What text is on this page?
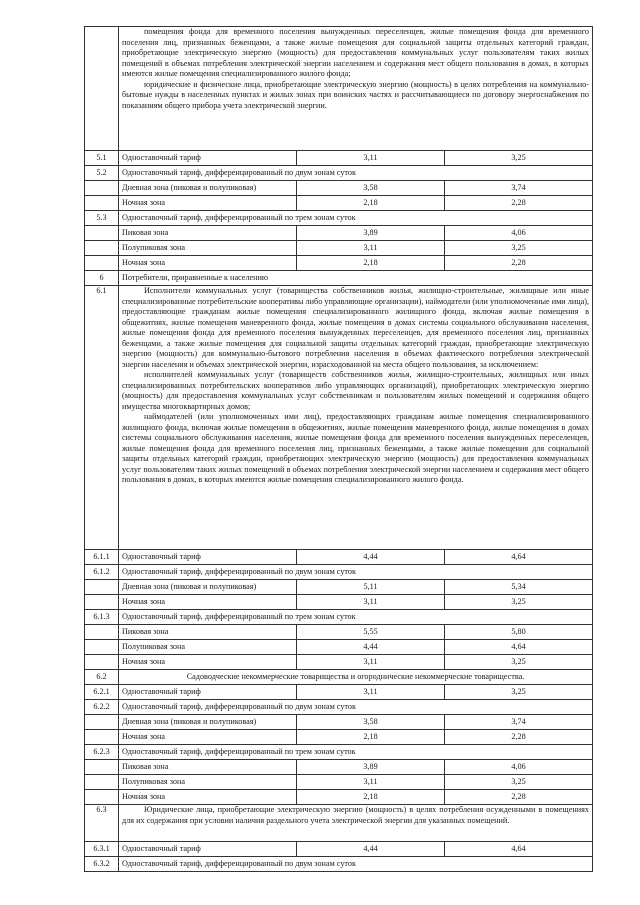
	помещения фонда для временного поселения вынужденных переселенцев, жилые помещения фонда для временного поселения лиц, признанных беженцами, а также жилые помещения для социальной защиты отдельных категорий граждан, приобретающие электрическую энергию (мощность) для предоставления коммунальных услуг пользователям таких жилых помещений в объемах потребления электрической энергии населением и содержания мест общего пользования в домах, в которых имеются жилые помещения специализированного жилого фонда;
юридические и физические лица, приобретающие электрическую энергию (мощность) в целях потребления на коммунально-бытовые нужды в населенных пунктах и жилых зонах при воинских частях и рассчитывающиеся по договору энергоснабжения по показаниям общего прибора учета электрической энергии.		

5.1	Одноставочный тариф	3,11	3,25
5.2	Одноставочный тариф, дифференцированный по двум зонам суток		
	Дневная зона (пиковая и полупиковая)	3,58	3,74
	Ночная зона	2,18	2,28
5.3	Одноставочный тариф, дифференцированный по трем зонам суток		
	Пиковая зона	3,89	4,06
	Полупиковая зона	3,11	3,25
	Ночная зона	2,18	2,28
6	Потребители, приравненные к населению		
6.1	Исполнители коммунальных услуг (товарищества собственников жилья, жилищно-строительные, жилищные или иные специализированные потребительские кооперативы либо управляющие организации), наймодатели (или уполномоченные ими лица), предоставляющие гражданам жилые помещения специализированного жилищного фонда, включая жилые помещения в общежитиях, жилые помещения маневренного фонда, жилые помещения в домах системы социального обслуживания населения, жилые помещения фонда для временного поселения вынужденных переселенцев, для временного поселения лиц, признанных беженцами, а также жилые помещения для социальной защиты отдельных категорий граждан, приобретающие электрическую энергию (мощность) для коммунально-бытового потребления населения в объемах фактического потребления электрической энергии населения и объемах электрической энергии, израсходованной на места общего пользования, за исключением:
исполнителей коммунальных услуг (товариществ собственников жилья, жилищно-строительных, жилищных или иных специализированных потребительских кооперативов либо управляющих организаций), приобретающих электрическую энергию (мощность) для предоставления коммунальных услуг собственникам и пользователям жилых помещений и содержания общего имущества многоквартирных домов;
наймодателей (или уполномоченных ими лиц), предоставляющих гражданам жилые помещения специализированного жилищного фонда, включая жилые помещения в общежитиях, жилые помещения маневренного фонда, жилые помещения в домах системы социального обслуживания населения, жилые помещения фонда для временного поселения вынужденных переселенцев, жилые помещения фонда для временного поселения лиц, признанных беженцами, а также жилые помещения для социальной защиты отдельных категорий граждан, приобретающих электрическую энергию (мощность) для предоставления коммунальных услуг пользователям таких жилых помещений в объемах потребления электрической энергии населением и содержания мест общего пользования в домах, в которых имеются жилые помещения специализированного жилого фонда.		

6.1.1	Одноставочный тариф	4,44	4,64
6.1.2	Одноставочный тариф, дифференцированный по двум зонам суток		
	Дневная зона (пиковая и полупиковая)	5,11	5,34
	Ночная зона	3,11	3,25
6.1.3	Одноставочный тариф, дифференцированный по трем зонам суток		
	Пиковая зона	5,55	5,80
	Полупиковая зона	4,44	4,64
	Ночная зона	3,11	3,25
6.2	Садоводческие некоммерческие товарищества и огороднические некоммерческие товарищества.		
6.2.1	Одноставочный тариф	3,11	3,25
6.2.2	Одноставочный тариф, дифференцированный по двум зонам суток		
	Дневная зона (пиковая и полупиковая)	3,58	3,74
	Ночная зона	2,18	2,28
6.2.3	Одноставочный тариф, дифференцированный по трем зонам суток		
	Пиковая зона	3,89	4,06
	Полупиковая зона	3,11	3,25
	Ночная зона	2,18	2,28
6.3	Юридические лица, приобретающие электрическую энергию (мощность) в целях потребления осужденными в помещениях для их содержания при условии наличия раздельного учета электрической энергии для указанных помещений.		

6.3.1	Одноставочный тариф	4,44	4,64
6.3.2	Одноставочный тариф, дифференцированный по двум зонам суток		
